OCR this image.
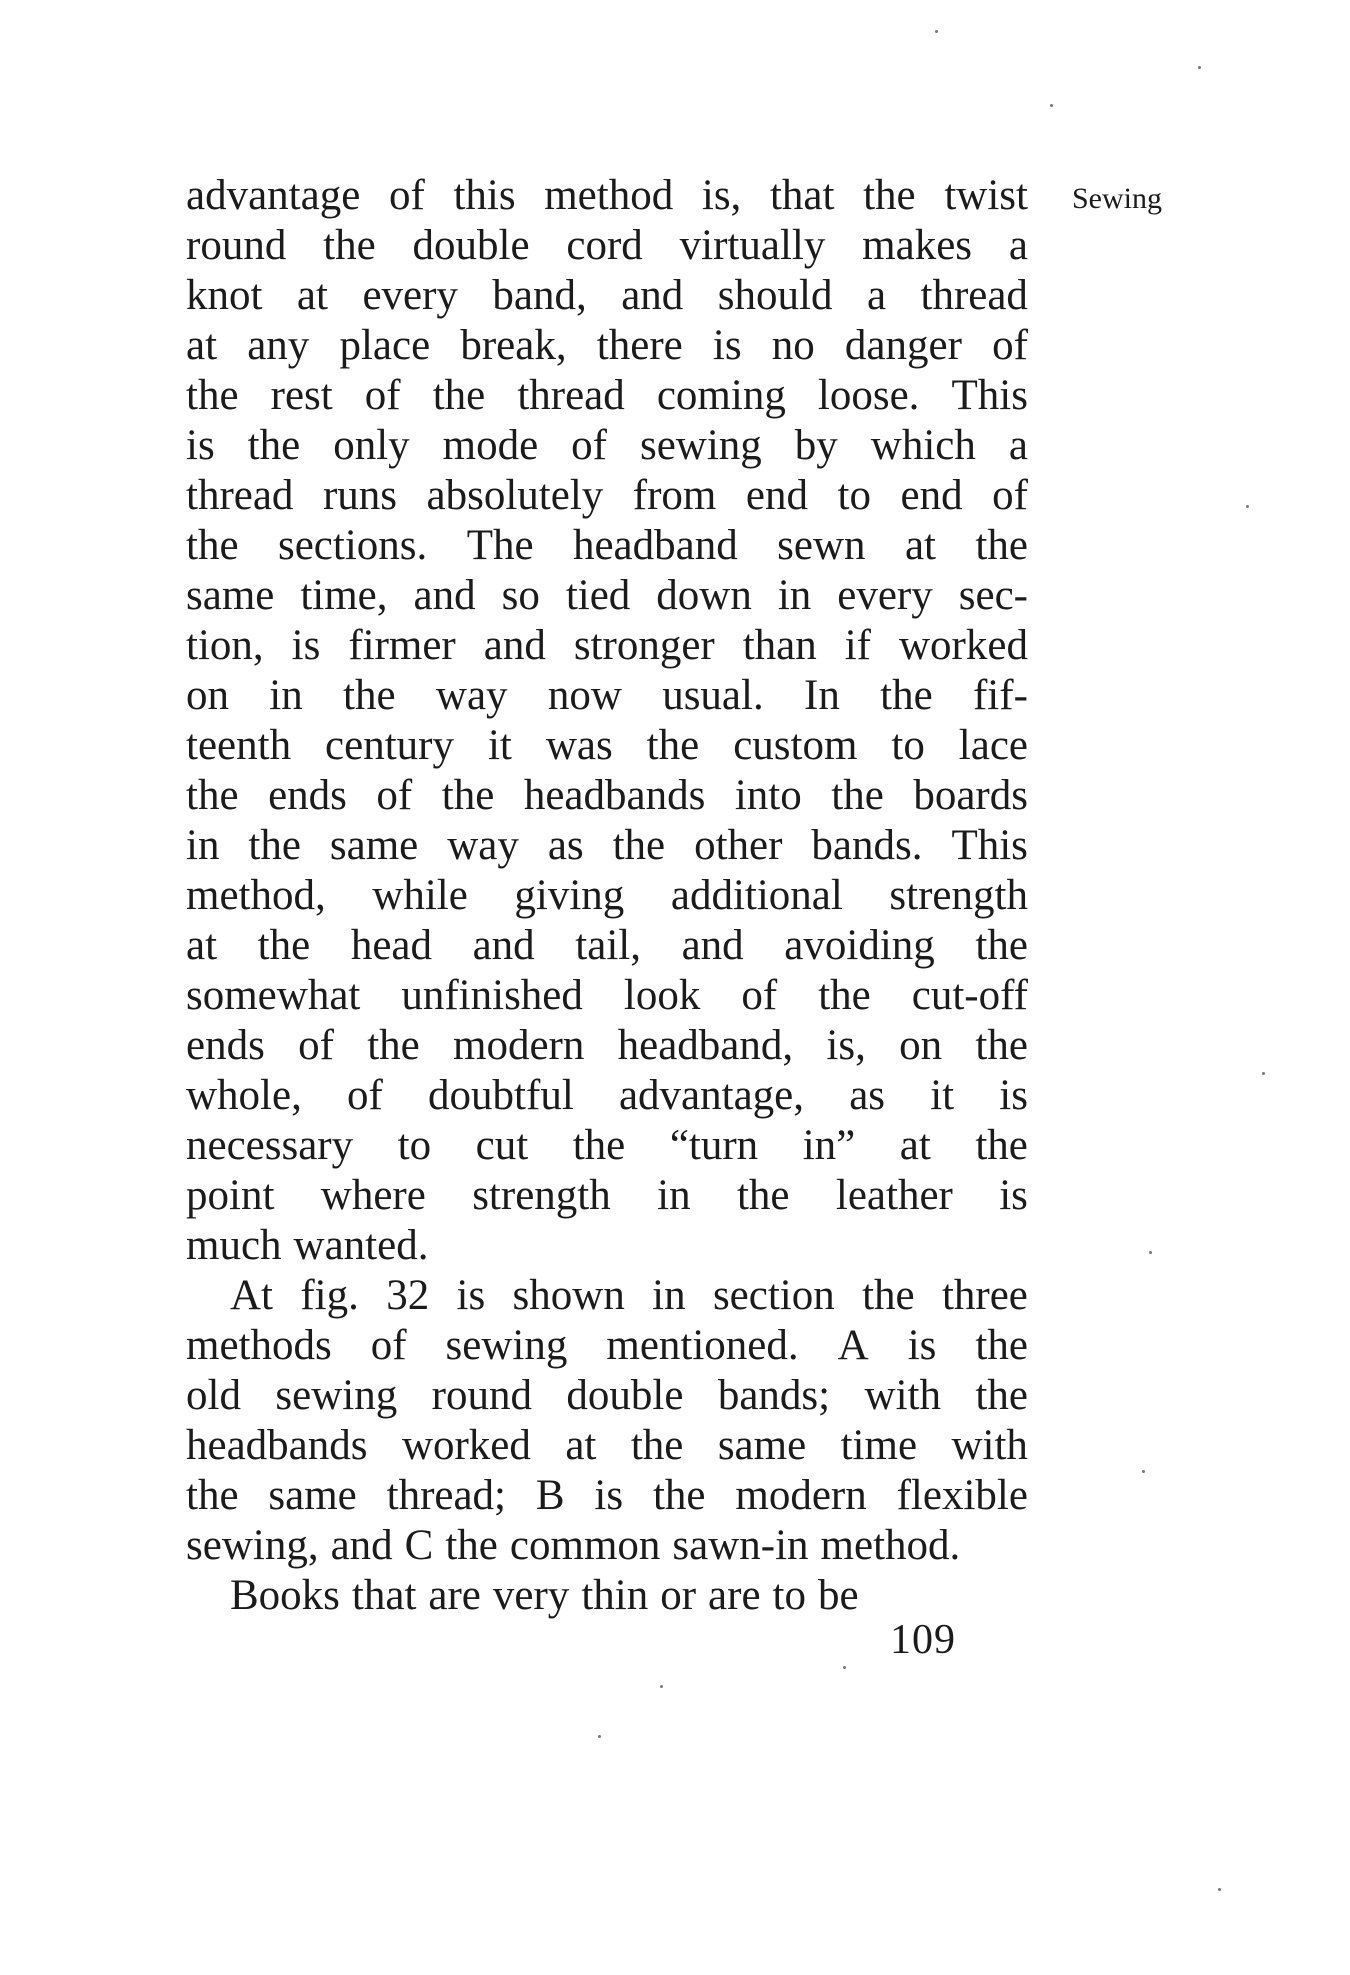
advantage of this method is, that the twist
round the double cord virtually makes a
knot at every band, and should a thread
at any place break, there is no danger of
the rest of the thread coming loose. This
is the only mode of sewing by which a
thread runs absolutely from end to end of
the sections. The headband sewn at the
same time, and so tied down in every sec-
tion, is firmer and stronger than if worked
on in the way now usual. In the fif-
teenth century it was the custom to lace
the ends of the headbands into the boards
in the same way as the other bands. This
method, while giving additional strength
at the head and tail, and avoiding the
somewhat unfinished look of the cut-off
ends of the modern headband, is, on the
whole, of doubtful advantage, as it is
necessary to cut the “turn in” at the
point where strength in the leather is
much wanted.
At fig. 32 is shown in section the three
methods of sewing mentioned. A is the
old sewing round double bands; with the
headbands worked at the same time with
the same thread; B is the modern flexible
sewing, and C the common sawn-in method.
Books that are very thin or are to be
Sewing
109
